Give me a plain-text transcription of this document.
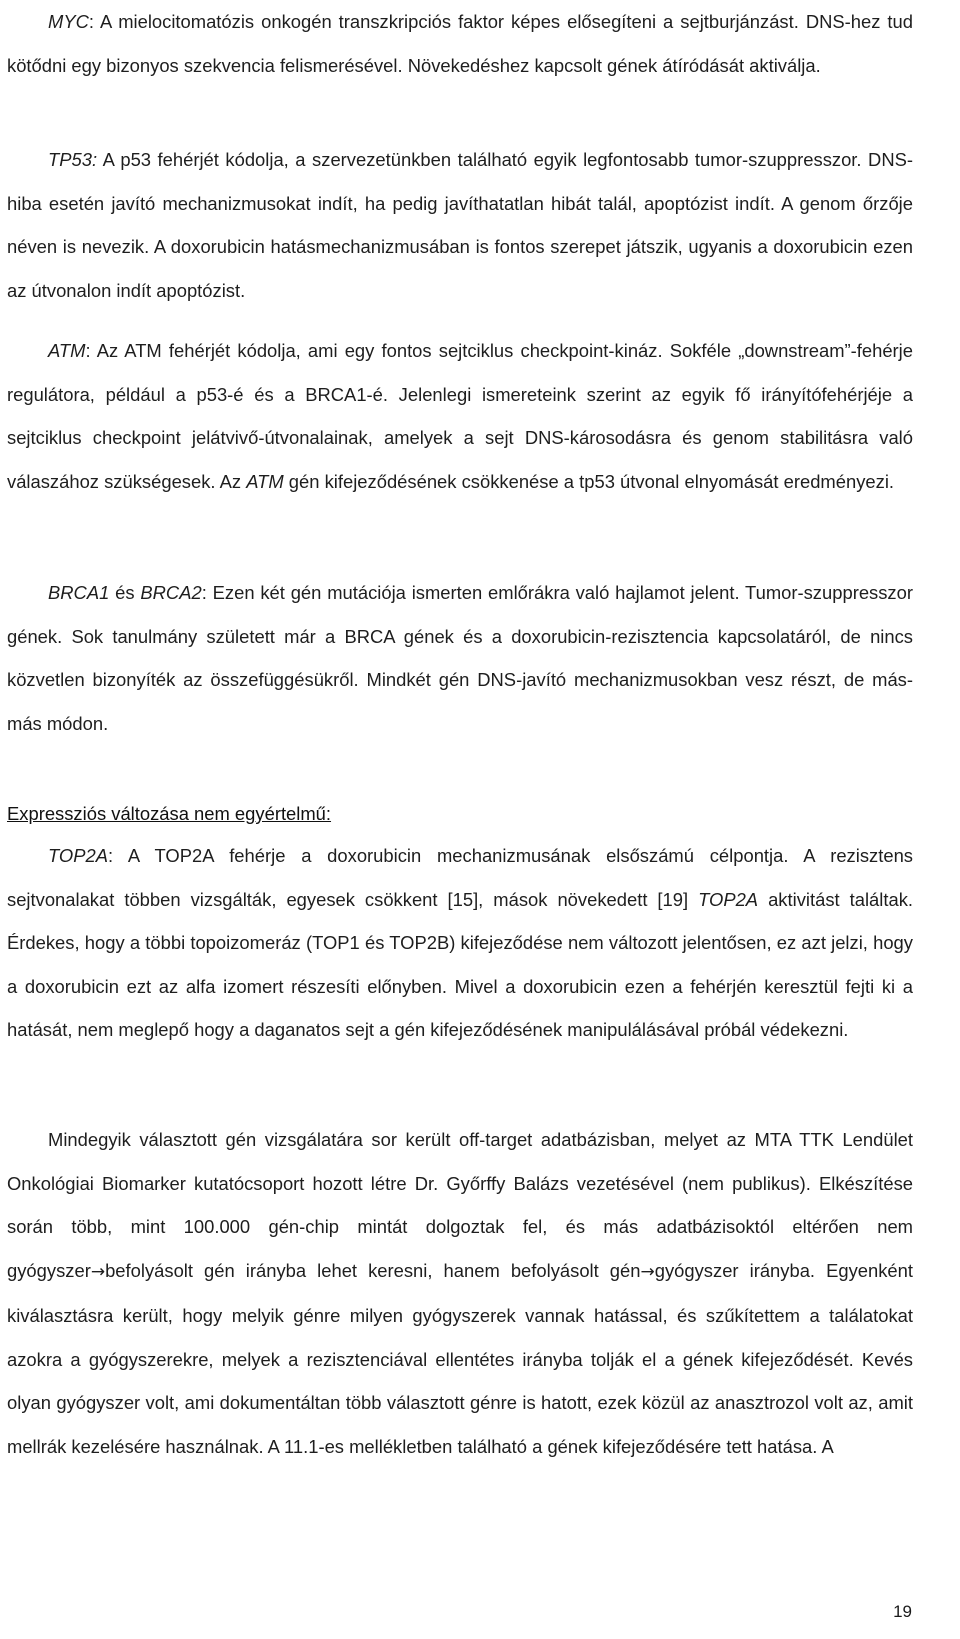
MYC: A mielocitomatózis onkogén transzkripciós faktor képes elősegíteni a sejtburjánzást. DNS-hez tud kötődni egy bizonyos szekvencia felismerésével. Növekedéshez kapcsolt gének átíródását aktiválja.

TP53: A p53 fehérjét kódolja, a szervezetünkben található egyik legfontosabb tumor-szuppresszor. DNS-hiba esetén javító mechanizmusokat indít, ha pedig javíthatatlan hibát talál, apoptózist indít. A genom őrzője néven is nevezik. A doxorubicin hatásmechanizmusában is fontos szerepet játszik, ugyanis a doxorubicin ezen az útvonalon indít apoptózist.

ATM: Az ATM fehérjét kódolja, ami egy fontos sejtciklus checkpoint-kináz. Sokféle „downstream”-fehérje regulátora, például a p53-é és a BRCA1-é. Jelenlegi ismereteink szerint az egyik fő irányítófehérjéje a sejtciklus checkpoint jelátvivő-útvonalainak, amelyek a sejt DNS-károsodásra és genom stabilitásra való válaszához szükségesek. Az ATM gén kifejeződésének csökkenése a tp53 útvonal elnyomását eredményezi.

BRCA1 és BRCA2: Ezen két gén mutációja ismerten emlőrákra való hajlamot jelent. Tumor-szuppresszor gének. Sok tanulmány született már a BRCA gének és a doxorubicin-rezisztencia kapcsolatáról, de nincs közvetlen bizonyíték az összefüggésükről. Mindkét gén DNS-javító mechanizmusokban vesz részt, de más-más módon.

Expressziós változása nem egyértelmű:

TOP2A: A TOP2A fehérje a doxorubicin mechanizmusának elsőszámú célpontja. A rezisztens sejtvonalakat többen vizsgálták, egyesek csökkent [15], mások növekedett [19] TOP2A aktivitást találtak. Érdekes, hogy a többi topoizomeráz (TOP1 és TOP2B) kifejeződése nem változott jelentősen, ez azt jelzi, hogy a doxorubicin ezt az alfa izomert részesíti előnyben. Mivel a doxorubicin ezen a fehérjén keresztül fejti ki a hatását, nem meglepő hogy a daganatos sejt a gén kifejeződésének manipulálásával próbál védekezni.

Mindegyik választott gén vizsgálatára sor került off-target adatbázisban, melyet az MTA TTK Lendület Onkológiai Biomarker kutatócsoport hozott létre Dr. Győrffy Balázs vezetésével (nem publikus). Elkészítése során több, mint 100.000 gén-chip mintát dolgoztak fel, és más adatbázisoktól eltérően nem gyógyszer→befolyásolt gén irányba lehet keresni, hanem befolyásolt gén→gyógyszer irányba. Egyenként kiválasztásra került, hogy melyik génre milyen gyógyszerek vannak hatással, és szűkítettem a találatokat azokra a gyógyszerekre, melyek a rezisztenciával ellentétes irányba tolják el a gének kifejeződését. Kevés olyan gyógyszer volt, ami dokumentáltan több választott génre is hatott, ezek közül az anasztrozol volt az, amit mellrák kezelésére használnak. A 11.1-es mellékletben található a gének kifejeződésére tett hatása. A

19
